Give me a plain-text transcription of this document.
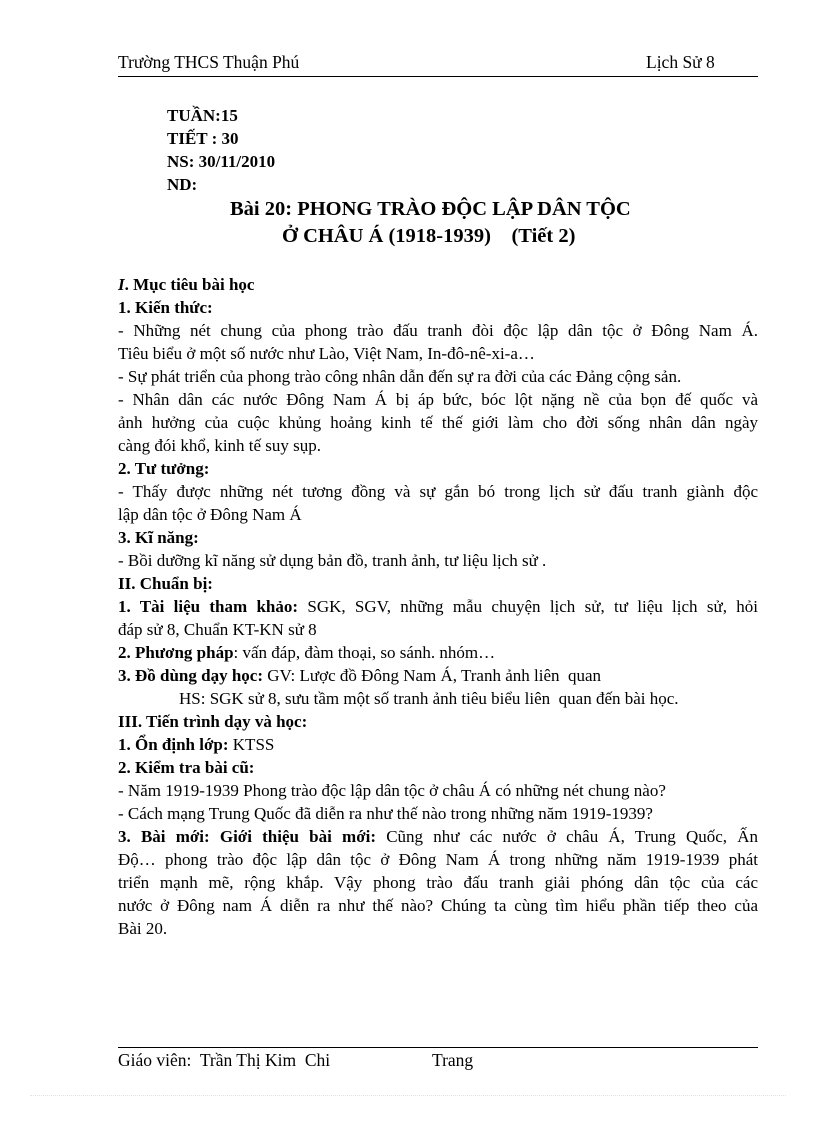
Trường THCS Thuận Phú	Lịch Sử 8
TUẦN:15
TIẾT : 30
NS: 30/11/2010
ND:
Bài 20: PHONG TRÀO ĐỘC LẬP DÂN TỘC
Ở CHÂU Á (1918-1939)    (Tiết 2)
I. Mục tiêu bài học
1. Kiến thức:
- Những nét chung của phong trào đấu tranh đòi độc lập dân tộc ở Đông Nam Á.
Tiêu biểu ở một số nước như Lào, Việt Nam, In-đô-nê-xi-a…
- Sự phát triển của phong trào công nhân dẫn đến sự ra đời của các Đảng cộng sản.
- Nhân dân các nước Đông Nam Á bị áp bức, bóc lột nặng nề của bọn đế quốc và
ảnh hưởng của cuộc khủng hoảng kinh tế thế giới làm cho đời sống nhân dân ngày
càng đói khổ, kinh tế suy sụp.
2. Tư tưởng:
- Thấy được những nét tương đồng và sự gắn bó trong lịch sử đấu tranh giành độc
lập dân tộc ở Đông Nam Á
3. Kĩ năng:
- Bồi dưỡng kĩ năng sử dụng bản đồ, tranh ảnh, tư liệu lịch sử .
II. Chuẩn bị:
1. Tài liệu tham khảo: SGK, SGV, những mẫu chuyện lịch sử, tư liệu lịch sử, hỏi
đáp sử 8, Chuẩn KT-KN sử 8
2. Phương pháp: vấn đáp, đàm thoại, so sánh. nhóm…
3. Đồ dùng dạy học: GV: Lược đồ Đông Nam Á, Tranh ảnh liên  quan
HS: SGK sử 8, sưu tầm một số tranh ảnh tiêu biểu liên  quan đến bài học.
III. Tiến trình dạy và học:
1. Ổn định lớp: KTSS
2. Kiểm tra bài cũ:
- Năm 1919-1939 Phong trào độc lập dân tộc ở châu Á có những nét chung nào?
- Cách mạng Trung Quốc đã diễn ra như thế nào trong những năm 1919-1939?
3. Bài mới: Giới thiệu bài mới: Cũng như các nước ở châu Á, Trung Quốc, Ấn
Độ… phong trào độc lập dân tộc ở Đông Nam Á trong những năm 1919-1939 phát
triển mạnh mẽ, rộng khắp. Vậy phong trào đấu tranh giải phóng dân tộc của các
nước ở Đông nam Á diễn ra như thế nào? Chúng ta cùng tìm hiểu phần tiếp theo của
Bài 20.
Giáo viên:  Trần Thị Kim  Chi	Trang
